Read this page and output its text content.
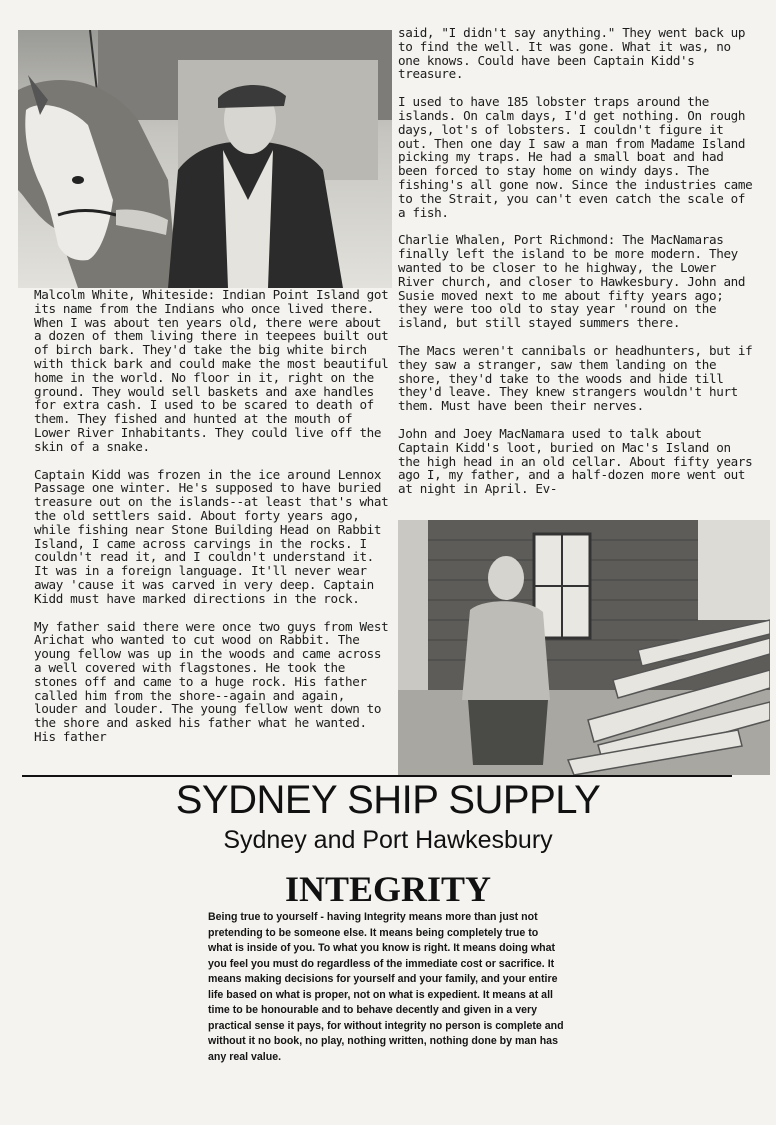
Malcolm White, Whiteside: Indian Point Island got its name from the Indians who once lived there. When I was about ten years old, there were about a dozen of them living there in teepees built out of birch bark. They'd take the big white birch with thick bark and could make the most beautiful home in the world. No floor in it, right on the ground. They would sell baskets and axe handles for extra cash. I used to be scared to death of them. They fished and hunted at the mouth of Lower River Inhabitants. They could live off the skin of a snake.

Captain Kidd was frozen in the ice around Lennox Passage one winter. He's supposed to have buried treasure out on the islands--at least that's what the old settlers said. About forty years ago, while fishing near Stone Building Head on Rabbit Island, I came across carvings in the rocks. I couldn't read it, and I couldn't understand it. It was in a foreign language. It'll never wear away 'cause it was carved in very deep. Captain Kidd must have marked directions in the rock.

My father said there were once two guys from West Arichat who wanted to cut wood on Rabbit. The young fellow was up in the woods and came across a well covered with flagstones. He took the stones off and came to a huge rock. His father called him from the shore--again and again, louder and louder. The young fellow went down to the shore and asked his father what he wanted. His father

said, "I didn't say anything." They went back up to find the well. It was gone. What it was, no one knows. Could have been Captain Kidd's treasure.

I used to have 185 lobster traps around the islands. On calm days, I'd get nothing. On rough days, lot's of lobsters. I couldn't figure it out. Then one day I saw a man from Madame Island picking my traps. He had a small boat and had been forced to stay home on windy days. The fishing's all gone now. Since the industries came to the Strait, you can't even catch the scale of a fish.

Charlie Whalen, Port Richmond: The MacNamaras finally left the island to be more modern. They wanted to be closer to he highway, the Lower River church, and closer to Hawkesbury. John and Susie moved next to me about fifty years ago; they were too old to stay year 'round on the island, but still stayed summers there.

The Macs weren't cannibals or headhunters, but if they saw a stranger, saw them landing on the shore, they'd take to the woods and hide till they'd leave. They knew strangers wouldn't hurt them. Must have been their nerves.

John and Joey MacNamara used to talk about Captain Kidd's loot, buried on Mac's Island on the high head in an old cellar. About fifty years ago I, my father, and a half-dozen more went out at night in April. Ev-

SYDNEY SHIP SUPPLY
Sydney and Port Hawkesbury
INTEGRITY
Being true to yourself - having Integrity means more than just not pretending to be someone else. It means being completely true to what is inside of you. To what you know is right. It means doing what you feel you must do regardless of the immediate cost or sacrifice. It means making decisions for yourself and your family, and your entire life based on what is proper, not on what is expedient. It means at all time to be honourable and to behave decently and given in a very practical sense it pays, for without integrity no person is complete and without it no book, no play, nothing written, nothing done by man has any real value.
